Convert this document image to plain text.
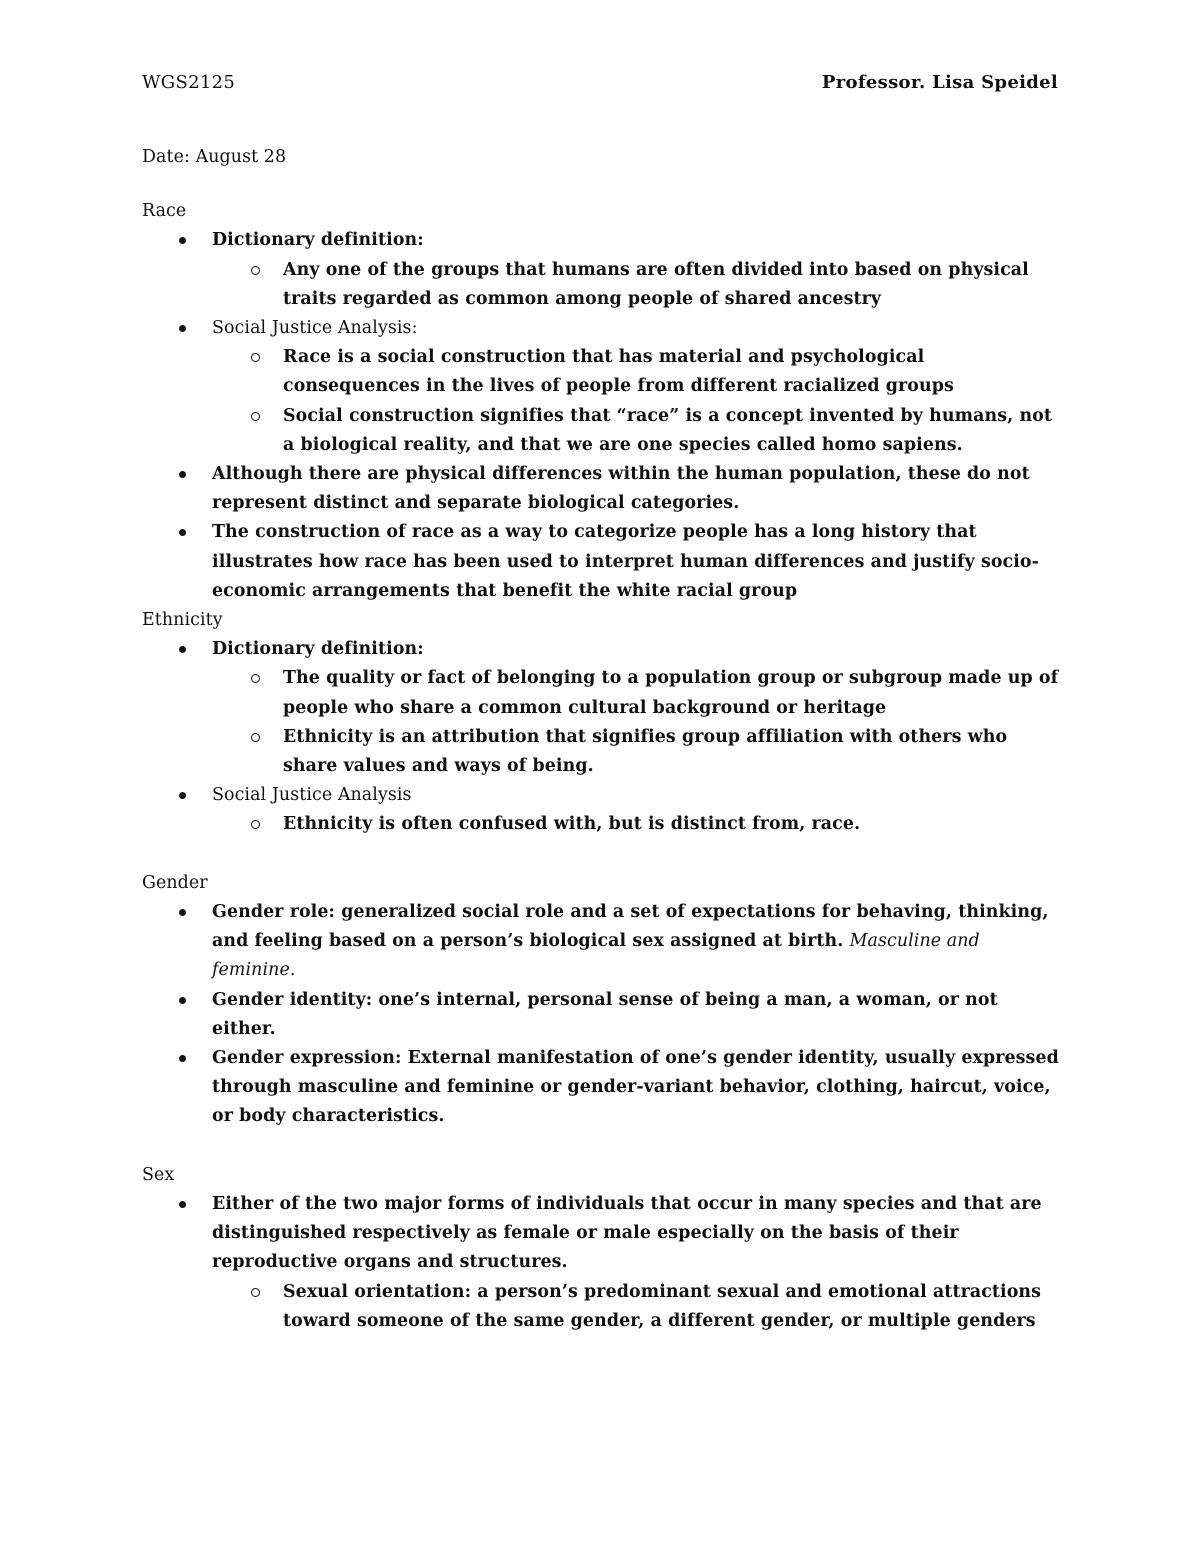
WGS2125	Professor. Lisa Speidel
Date: August 28
Race
Dictionary definition:
Any one of the groups that humans are often divided into based on physical traits regarded as common among people of shared ancestry
Social Justice Analysis:
Race is a social construction that has material and psychological consequences in the lives of people from different racialized groups
Social construction signifies that “race” is a concept invented by humans, not a biological reality, and that we are one species called homo sapiens.
Although there are physical differences within the human population, these do not represent distinct and separate biological categories.
The construction of race as a way to categorize people has a long history that illustrates how race has been used to interpret human differences and justify socio-economic arrangements that benefit the white racial group
Ethnicity
Dictionary definition:
The quality or fact of belonging to a population group or subgroup made up of people who share a common cultural background or heritage
Ethnicity is an attribution that signifies group affiliation with others who share values and ways of being.
Social Justice Analysis
Ethnicity is often confused with, but is distinct from, race.
Gender
Gender role: generalized social role and a set of expectations for behaving, thinking, and feeling based on a person’s biological sex assigned at birth. Masculine and feminine.
Gender identity: one’s internal, personal sense of being a man, a woman, or not either.
Gender expression: External manifestation of one’s gender identity, usually expressed through masculine and feminine or gender-variant behavior, clothing, haircut, voice, or body characteristics.
Sex
Either of the two major forms of individuals that occur in many species and that are distinguished respectively as female or male especially on the basis of their reproductive organs and structures.
Sexual orientation: a person’s predominant sexual and emotional attractions toward someone of the same gender, a different gender, or multiple genders
